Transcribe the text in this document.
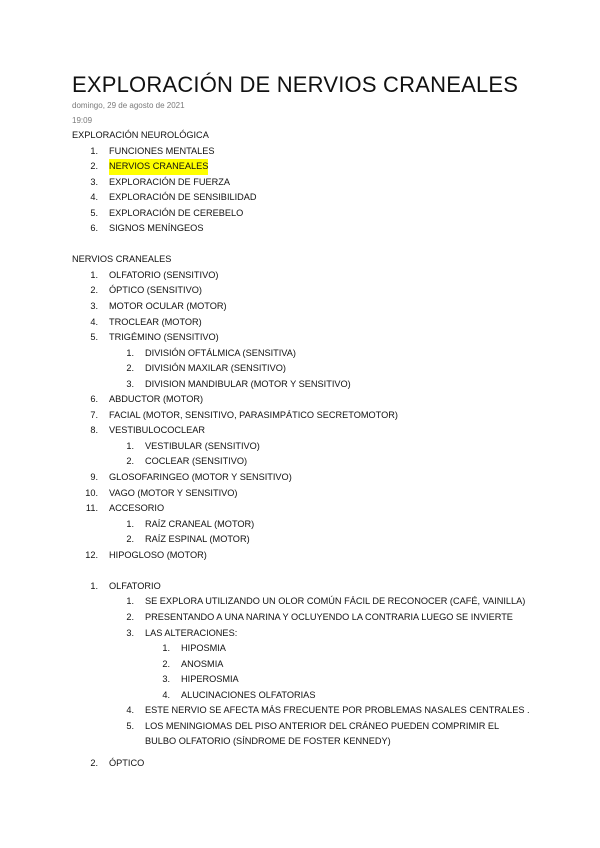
EXPLORACIÓN DE NERVIOS CRANEALES
domingo, 29 de agosto de 2021
19:09
EXPLORACIÓN NEUROLÓGICA
1. FUNCIONES MENTALES
2. NERVIOS CRANEALES
3. EXPLORACIÓN DE FUERZA
4. EXPLORACIÓN DE SENSIBILIDAD
5. EXPLORACIÓN DE CEREBELO
6. SIGNOS MENÍNGEOS
NERVIOS CRANEALES
1. OLFATORIO (SENSITIVO)
2. ÓPTICO (SENSITIVO)
3. MOTOR OCULAR (MOTOR)
4. TROCLEAR (MOTOR)
5. TRIGÉMINO (SENSITIVO)
1. DIVISIÓN OFTÁLMICA (SENSITIVA)
2. DIVISIÓN MAXILAR (SENSITIVO)
3. DIVISION MANDIBULAR (MOTOR Y SENSITIVO)
6. ABDUCTOR (MOTOR)
7. FACIAL (MOTOR, SENSITIVO, PARASIMPÁTICO SECRETOMOTOR)
8. VESTIBULOCOCLEAR
1. VESTIBULAR (SENSITIVO)
2. COCLEAR (SENSITIVO)
9. GLOSOFARINGEO (MOTOR Y SENSITIVO)
10. VAGO (MOTOR Y SENSITIVO)
11. ACCESORIO
1. RAÍZ CRANEAL (MOTOR)
2. RAÍZ ESPINAL (MOTOR)
12. HIPOGLOSO (MOTOR)
1. OLFATORIO
1. SE EXPLORA UTILIZANDO UN OLOR COMÚN FÁCIL DE RECONOCER (CAFÉ, VAINILLA)
2. PRESENTANDO A UNA NARINA Y OCLUYENDO LA CONTRARIA LUEGO SE INVIERTE
3. LAS ALTERACIONES:
1. HIPOSMIA
2. ANOSMIA
3. HIPEROSMIA
4. ALUCINACIONES OLFATORIAS
4. ESTE NERVIO SE AFECTA MÁS FRECUENTE POR PROBLEMAS NASALES CENTRALES .
5. LOS MENINGIOMAS DEL PISO ANTERIOR DEL CRÁNEO PUEDEN COMPRIMIR EL
BULBO OLFATORIO (SÍNDROME DE FOSTER KENNEDY)
2. ÓPTICO
